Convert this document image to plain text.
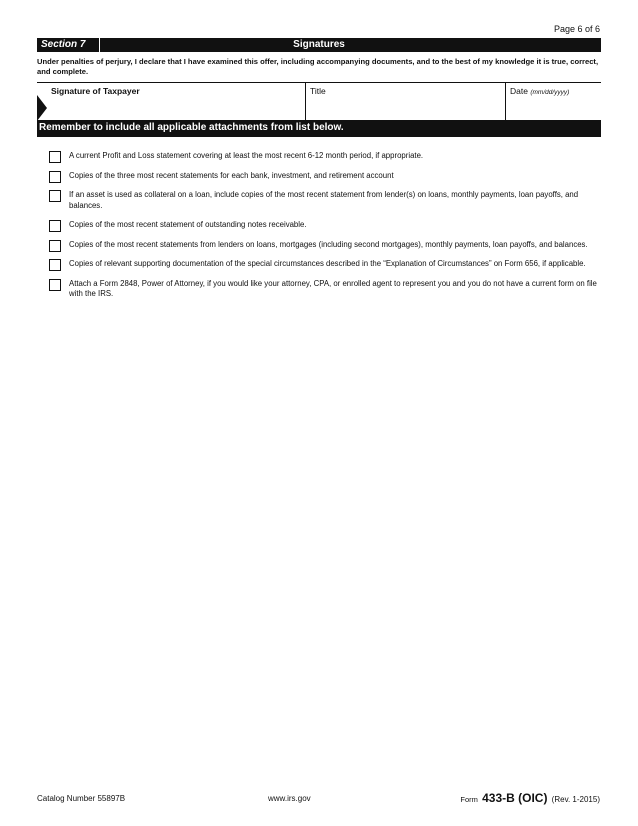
Page 6 of 6
Section 7	Signatures
Under penalties of perjury, I declare that I have examined this offer, including accompanying documents, and to the best of my knowledge it is true, correct, and complete.
Signature of Taxpayer	Title	Date (mm/dd/yyyy)
Remember to include all applicable attachments from list below.
A current Profit and Loss statement covering at least the most recent 6-12 month period, if appropriate.
Copies of the three most recent statements for each bank, investment, and retirement account
If an asset is used as collateral on a loan, include copies of the most recent statement from lender(s) on loans, monthly payments, loan payoffs, and balances.
Copies of the most recent statement of outstanding notes receivable.
Copies of the most recent statements from lenders on loans, mortgages (including second mortgages), monthly payments, loan payoffs, and balances.
Copies of relevant supporting documentation of the special circumstances described in the “Explanation of Circumstances” on Form 656, if applicable.
Attach a Form 2848, Power of Attorney, if you would like your attorney, CPA, or enrolled agent to represent you and you do not have a current form on file with the IRS.
Catalog Number 55897B	www.irs.gov	Form 433-B (OIC) (Rev. 1-2015)
